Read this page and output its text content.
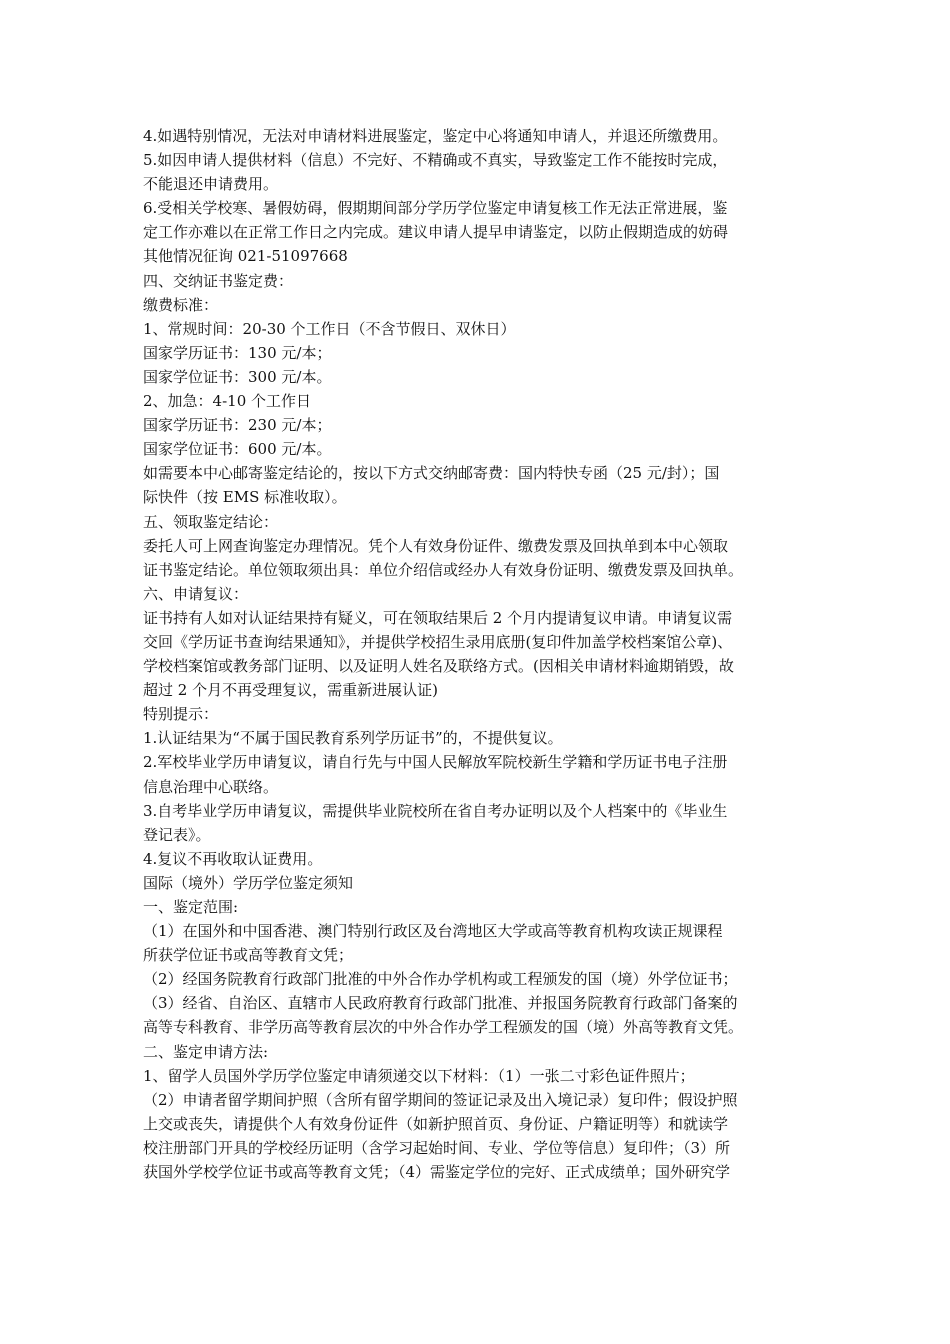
4.如遇特别情况，无法对申请材料进展鉴定，鉴定中心将通知申请人，并退还所缴费用。
5.如因申请人提供材料（信息）不完好、不精确或不真实，导致鉴定工作不能按时完成，
不能退还申请费用。
6.受相关学校寒、暑假妨碍，假期期间部分学历学位鉴定申请复核工作无法正常进展，鉴
定工作亦难以在正常工作日之内完成。建议申请人提早申请鉴定，以防止假期造成的妨碍
其他情况征询 021-51097668
四、交纳证书鉴定费：
缴费标准：
1、常规时间：20-30 个工作日（不含节假日、双休日）
国家学历证书：130 元/本；
国家学位证书：300 元/本。
2、加急：4-10 个工作日
国家学历证书：230 元/本；
国家学位证书：600 元/本。
如需要本中心邮寄鉴定结论的，按以下方式交纳邮寄费：国内特快专函（25 元/封）；国
际快件（按 EMS 标准收取）。
五、领取鉴定结论：
委托人可上网查询鉴定办理情况。凭个人有效身份证件、缴费发票及回执单到本中心领取
证书鉴定结论。单位领取须出具：单位介绍信或经办人有效身份证明、缴费发票及回执单。
六、申请复议：
证书持有人如对认证结果持有疑义，可在领取结果后 2 个月内提请复议申请。申请复议需
交回《学历证书查询结果通知》，并提供学校招生录用底册(复印件加盖学校档案馆公章)、
学校档案馆或教务部门证明、以及证明人姓名及联络方式。(因相关申请材料逾期销毁，故
超过 2 个月不再受理复议，需重新进展认证)
特别提示：
1.认证结果为“不属于国民教育系列学历证书”的，不提供复议。
2.军校毕业学历申请复议，请自行先与中国人民解放军院校新生学籍和学历证书电子注册
信息治理中心联络。
3.自考毕业学历申请复议，需提供毕业院校所在省自考办证明以及个人档案中的《毕业生
登记表》。
4.复议不再收取认证费用。
国际（境外）学历学位鉴定须知
一、鉴定范围:
（1）在国外和中国香港、澳门特别行政区及台湾地区大学或高等教育机构攻读正规课程
所获学位证书或高等教育文凭；
（2）经国务院教育行政部门批准的中外合作办学机构或工程颁发的国（境）外学位证书；
（3）经省、自治区、直辖市人民政府教育行政部门批准、并报国务院教育行政部门备案的
高等专科教育、非学历高等教育层次的中外合作办学工程颁发的国（境）外高等教育文凭。
二、鉴定申请方法:
1、留学人员国外学历学位鉴定申请须递交以下材料：（1）一张二寸彩色证件照片；
（2）申请者留学期间护照（含所有留学期间的签证记录及出入境记录）复印件；假设护照
上交或丧失，请提供个人有效身份证件（如新护照首页、身份证、户籍证明等）和就读学
校注册部门开具的学校经历证明（含学习起始时间、专业、学位等信息）复印件；（3）所
获国外学校学位证书或高等教育文凭；（4）需鉴定学位的完好、正式成绩单；国外研究学
